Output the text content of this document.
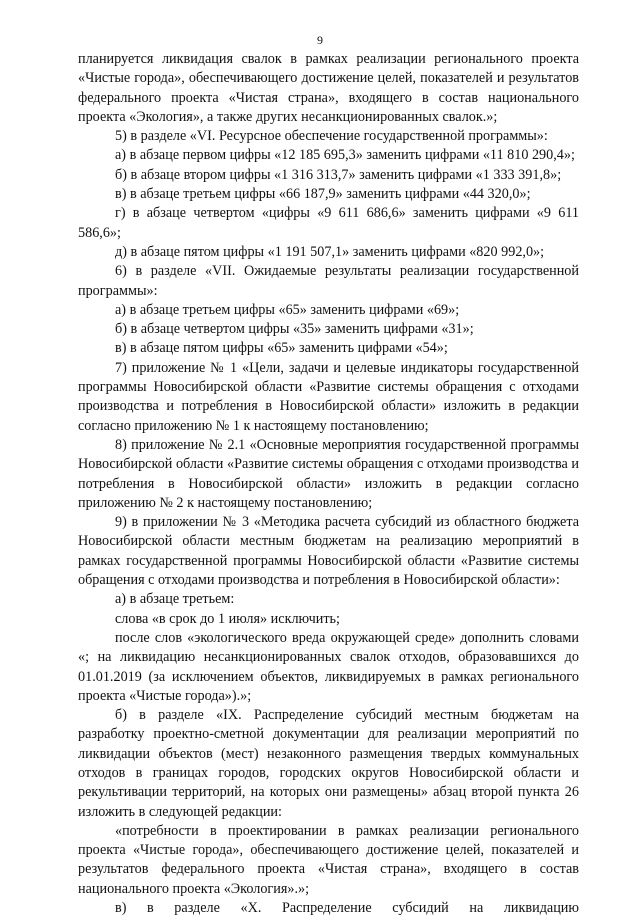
9

планируется ликвидация свалок в рамках реализации регионального проекта «Чистые города», обеспечивающего достижение целей, показателей и результатов федерального проекта «Чистая страна», входящего в состав национального проекта «Экология», а также других несанкционированных свалок.»;

5) в разделе «VI. Ресурсное обеспечение государственной программы»:

а) в абзаце первом цифры «12 185 695,3» заменить цифрами «11 810 290,4»;

б) в абзаце втором цифры «1 316 313,7» заменить цифрами «1 333 391,8»;

в) в абзаце третьем цифры «66 187,9» заменить цифрами «44 320,0»;

г) в абзаце четвертом «цифры «9 611 686,6» заменить цифрами «9 611 586,6»;

д) в абзаце пятом цифры «1 191 507,1» заменить цифрами «820 992,0»;

6) в разделе «VII. Ожидаемые результаты реализации государственной программы»:

а) в абзаце третьем цифры «65» заменить цифрами «69»;

б) в абзаце четвертом цифры «35» заменить цифрами «31»;

в) в абзаце пятом цифры «65» заменить цифрами «54»;

7) приложение № 1 «Цели, задачи и целевые индикаторы государственной программы Новосибирской области «Развитие системы обращения с отходами производства и потребления в Новосибирской области» изложить в редакции согласно приложению № 1 к настоящему постановлению;

8) приложение № 2.1 «Основные мероприятия государственной программы Новосибирской области «Развитие системы обращения с отходами производства и потребления в Новосибирской области» изложить в редакции согласно приложению № 2 к настоящему постановлению;

9) в приложении № 3 «Методика расчета субсидий из областного бюджета Новосибирской области местным бюджетам на реализацию мероприятий в рамках государственной программы Новосибирской области «Развитие системы обращения с отходами производства и потребления в Новосибирской области»:

а) в абзаце третьем:

слова «в срок до 1 июля» исключить;

после слов «экологического вреда окружающей среде» дополнить словами «; на ликвидацию несанкционированных свалок отходов, образовавшихся до 01.01.2019 (за исключением объектов, ликвидируемых в рамках регионального проекта «Чистые города»).»;

б) в разделе «IX. Распределение субсидий местным бюджетам на разработку проектно-сметной документации для реализации мероприятий по ликвидации объектов (мест) незаконного размещения твердых коммунальных отходов в границах городов, городских округов Новосибирской области и рекультивации территорий, на которых они размещены» абзац второй пункта 26 изложить в следующей редакции:

«потребности в проектировании в рамках реализации регионального проекта «Чистые города», обеспечивающего достижение целей, показателей и результатов федерального проекта «Чистая страна», входящего в состав национального проекта «Экология».»;

в) в разделе «X. Распределение субсидий на ликвидацию
